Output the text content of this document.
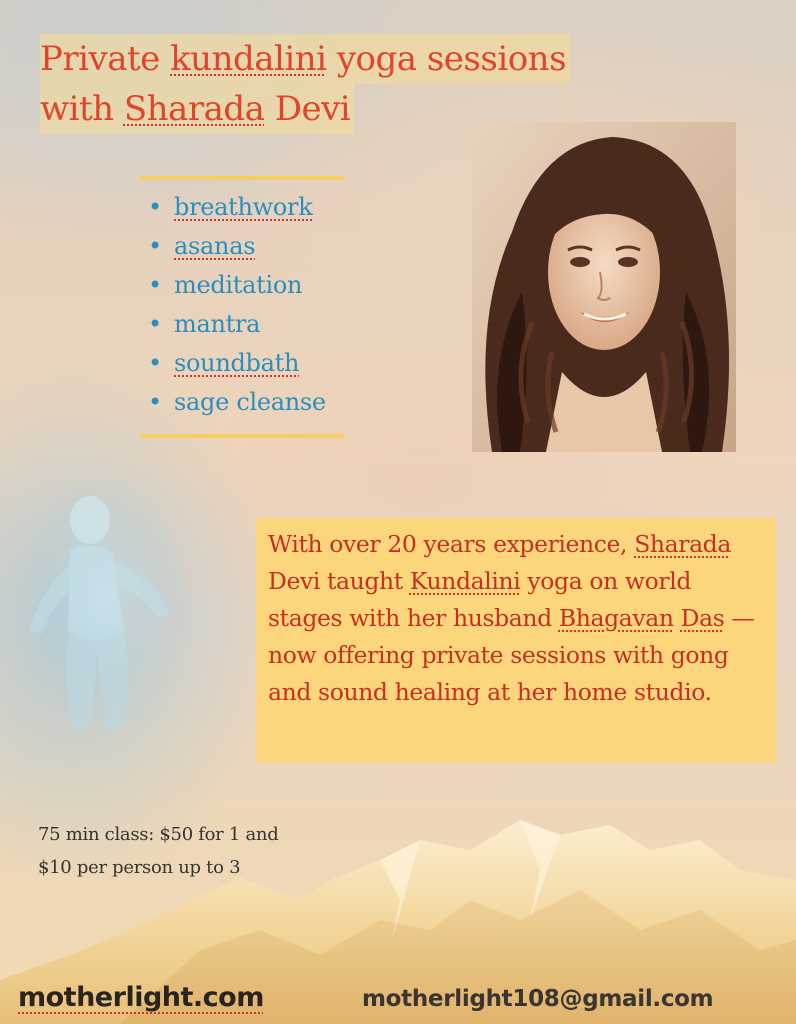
Private kundalini yoga sessions
with Sharada Devi
• breathwork
• asanas
• meditation
• mantra
• soundbath
• sage cleanse

With over 20 years experience, Sharada Devi taught Kundalini yoga on world stages with her husband Bhagavan Das —now offering private sessions with gong and sound healing at her home studio.

75 min class: $50 for 1 and $10 per person up to 3

motherlight.com	motherlight108@gmail.com
